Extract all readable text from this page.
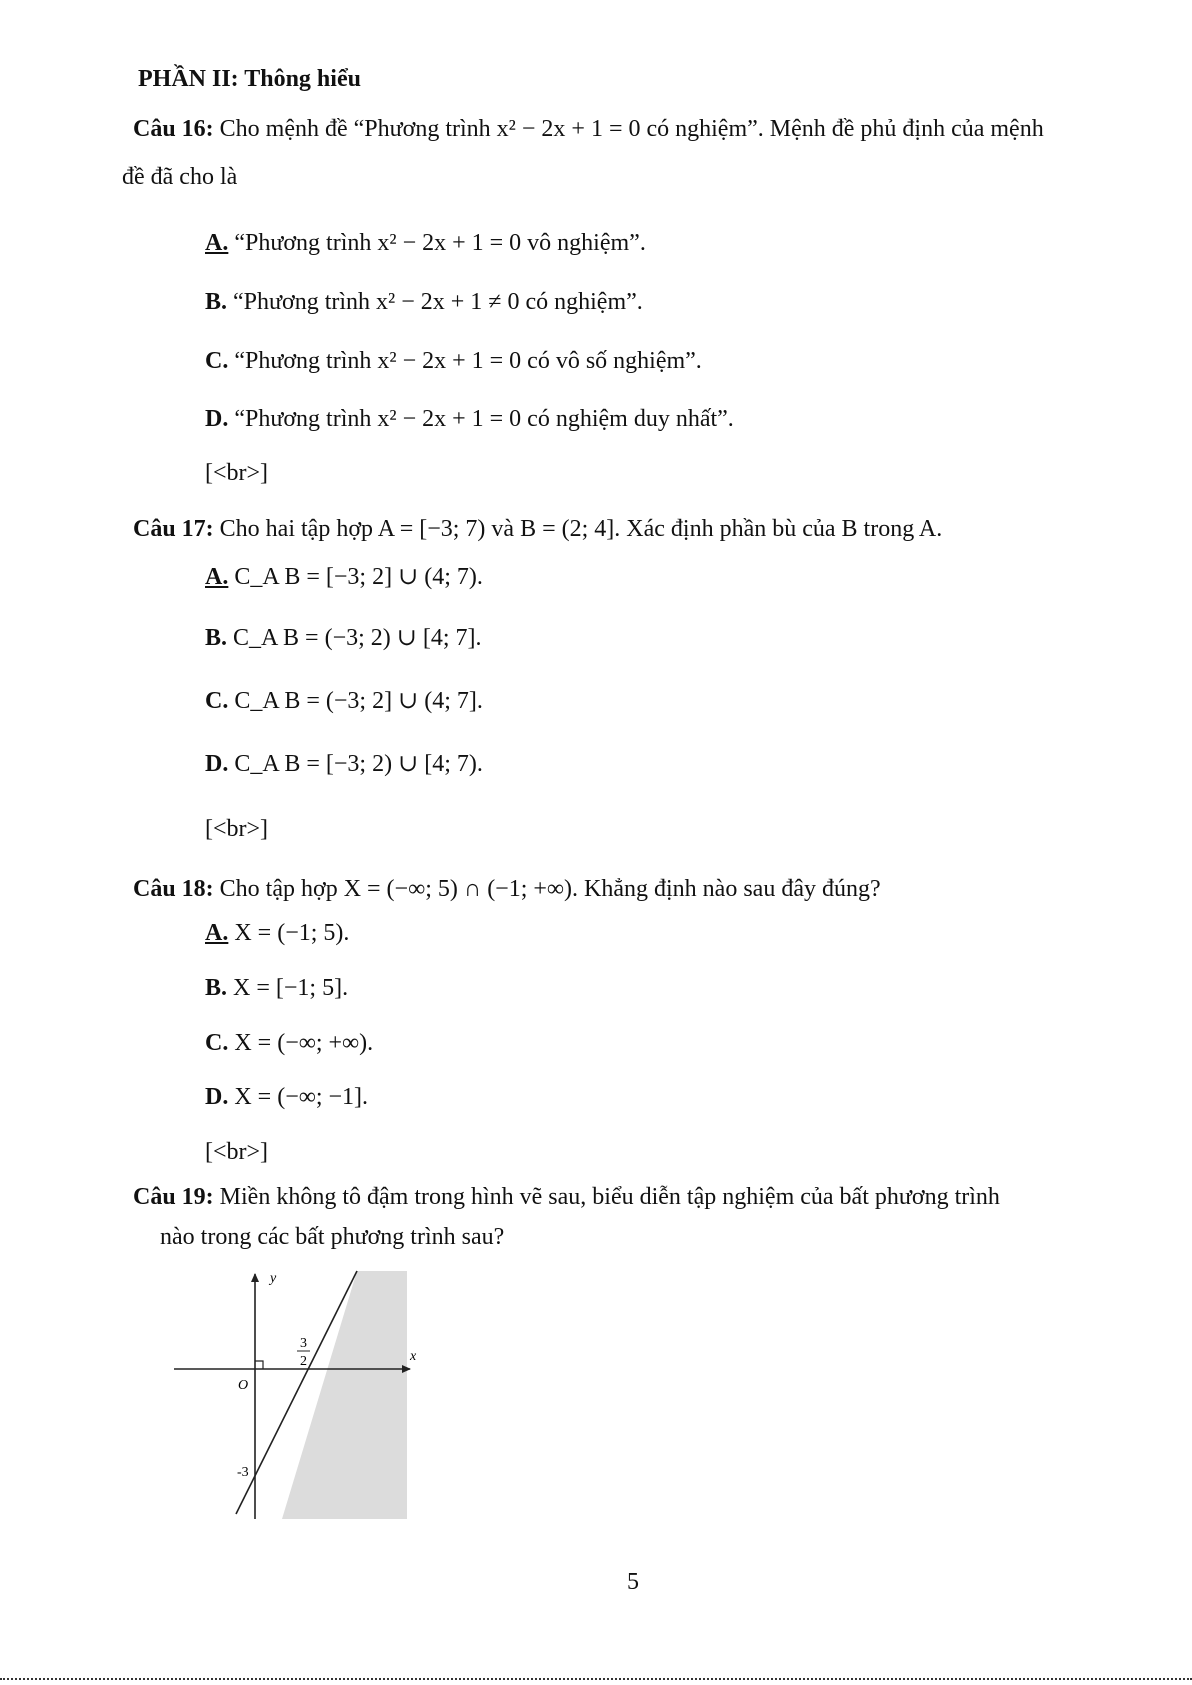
PHẦN II: Thông hiểu
Câu 16: Cho mệnh đề “Phương trình x² − 2x + 1 = 0 có nghiệm”. Mệnh đề phủ định của mệnh
đề đã cho là
A. “Phương trình x² − 2x + 1 = 0 vô nghiệm”.
B. “Phương trình x² − 2x + 1 ≠ 0 có nghiệm”.
C. “Phương trình x² − 2x + 1 = 0 có vô số nghiệm”.
D. “Phương trình x² − 2x + 1 = 0 có nghiệm duy nhất”.
[<br>]
Câu 17: Cho hai tập hợp A = [−3; 7) và B = (2; 4]. Xác định phần bù của B trong A.
A. C_A B = [−3; 2] ∪ (4; 7).
B. C_A B = (−3; 2) ∪ [4; 7].
C. C_A B = (−3; 2] ∪ (4; 7].
D. C_A B = [−3; 2) ∪ [4; 7).
[<br>]
Câu 18: Cho tập hợp X = (−∞; 5) ∩ (−1; +∞). Khẳng định nào sau đây đúng?
A. X = (−1; 5).
B. X = [−1; 5].
C. X = (−∞; +∞).
D. X = (−∞; −1].
[<br>]
Câu 19: Miền không tô đậm trong hình vẽ sau, biểu diễn tập nghiệm của bất phương trình
nào trong các bất phương trình sau?
y
x
O
3
2
-3
5
